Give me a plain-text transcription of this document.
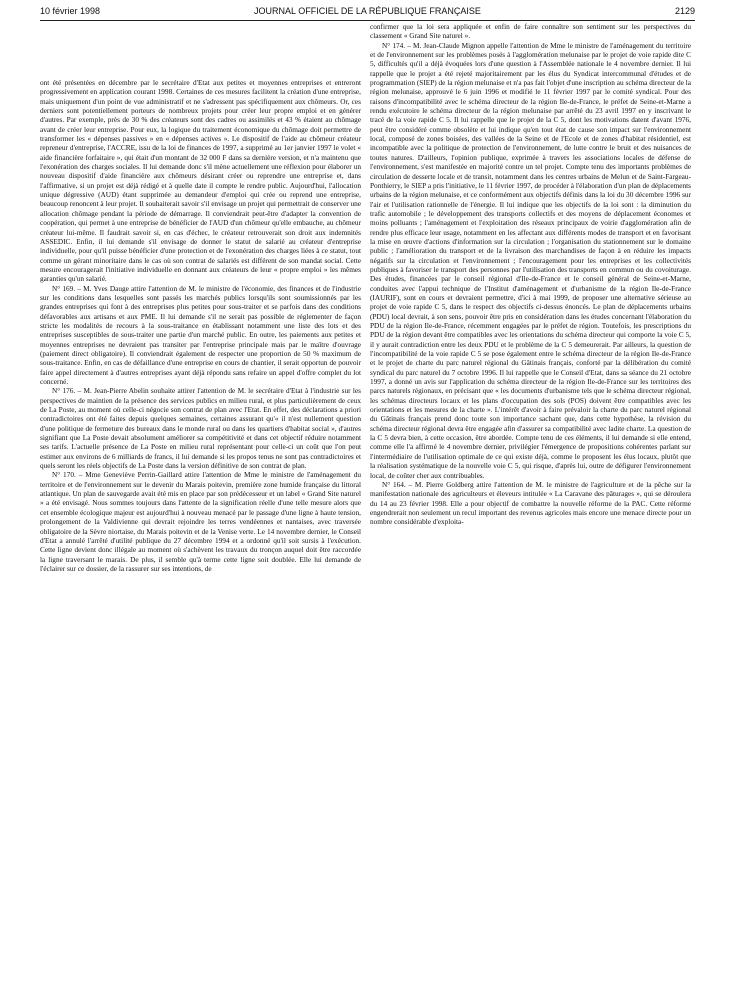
10 février 1998	JOURNAL OFFICIEL DE LA RÉPUBLIQUE FRANÇAISE	2129

ont été présentées en décembre par le secrétaire d'Etat aux petites et moyennes entreprises et entreront progressivement en application courant 1998. Certaines de ces mesures facilitent la création d'une entreprise, mais uniquement d'un point de vue administratif et ne s'adressent pas spécifiquement aux chômeurs. Or, ces derniers sont potentiellement porteurs de nombreux projets pour créer leur propre emploi et en générer d'autres. Par exemple, près de 30 % des créateurs sont des cadres ou assimilés et 43 % étaient au chômage avant de créer leur entreprise. Pour eux, la logique du traitement économique du chômage doit permettre de transformer les « dépenses passives » en « dépenses actives ». Le dispositif de l'aide au chômeur créateur repreneur d'entreprise, l'ACCRE, issu de la loi de finances de 1997, a supprimé au 1er janvier 1997 le volet « aide financière forfaitaire », qui était d'un montant de 32 000 F dans sa dernière version, et n'a maintenu que l'exonération des charges sociales. Il lui demande donc s'il mène actuellement une réflexion pour élaborer un nouveau dispositif d'aide financière aux chômeurs désirant créer ou reprendre une entreprise et, dans l'affirmative, si un projet est déjà rédigé et à quelle date il compte le rendre public. Aujourd'hui, l'allocation unique dégressive (AUD) étant supprimée au demandeur d'emploi qui crée ou reprend une entreprise, beaucoup renoncent à leur projet. Il souhaiterait savoir s'il envisage un projet qui permettrait de conserver une allocation chômage pendant la période de démarrage. Il conviendrait peut-être d'adapter la convention de coopération, qui permet à une entreprise de bénéficier de l'AUD d'un chômeur qu'elle embauche, au chômeur créateur lui-même. Il faudrait savoir si, en cas d'échec, le créateur retrouverait son droit aux indemnités ASSEDIC. Enfin, il lui demande s'il envisage de donner le statut de salarié au créateur d'entreprise individuelle, pour qu'il puisse bénéficier d'une protection et de l'exonération des charges liées à ce statut, tout comme un gérant minoritaire dans le cas où son contrat de salariés est différent de son mandat social. Cette mesure encouragerait l'initiative individuelle en donnant aux créateurs de leur « propre emploi » les mêmes garanties qu'un salarié.

N° 169. – M. Yves Dauge attire l'attention de M. le ministre de l'économie, des finances et de l'industrie sur les conditions dans lesquelles sont passés les marchés publics lorsqu'ils sont soumissionnés par les grandes entreprises qui font à des entreprises plus petites pour sous-traiter et se parfois dans des conditions défavorables aux artisans et aux PME. Il lui demande s'il ne serait pas possible de réglementer de façon stricte les modalités de recours à la sous-traitance en établissant notamment une liste des lots et des entreprises susceptibles de sous-traiter une partie d'un marché public. En outre, les paiements aux petites et moyennes entreprises ne devraient pas transiter par l'entreprise principale mais par le maître d'ouvrage (paiement direct obligatoire). Il conviendrait également de respecter une proportion de 50 % maximum de sous-traitance. Enfin, en cas de défaillance d'une entreprise en cours de chantier, il serait opportun de pouvoir faire appel directement à d'autres entreprises ayant déjà répondu sans refaire un appel d'offre complet du lot concerné.

N° 176. – M. Jean-Pierre Abelin souhaite attirer l'attention de M. le secrétaire d'Etat à l'industrie sur les perspectives de maintien de la présence des services publics en milieu rural, et plus particulièrement de ceux de La Poste, au moment où celle-ci négocie son contrat de plan avec l'Etat. En effet, des déclarations a priori contradictoires ont été faites depuis quelques semaines, certaines assurant qu'« il n'est nullement question d'une politique de fermeture des bureaux dans le monde rural ou dans les quartiers d'habitat social », d'autres signifiant que La Poste devait absolument améliorer sa compétitivité et dans cet objectif réduire notamment ses tarifs. L'actuelle présence de La Poste en milieu rural représentant pour celle-ci un coût que l'on peut estimer aux environs de 6 milliards de francs, il lui demande si les propos tenus ne sont pas contradictoires et quels seront les réels objectifs de La Poste dans la version définitive de son contrat de plan.

N° 170. – Mme Geneviève Perrin-Gaillard attire l'attention de Mme le ministre de l'aménagement du territoire et de l'environnement sur le devenir du Marais poitevin, première zone humide française du littoral atlantique. Un plan de sauvegarde avait été mis en place par son prédécesseur et un label « Grand Site naturel » a été envisagé. Nous sommes toujours dans l'attente de la signification réelle d'une telle mesure alors que cet ensemble écologique majeur est aujourd'hui à nouveau menacé par le passage d'une ligne à haute tension, prolongement de la Valdivienne qui devrait rejoindre les terres vendéennes et nantaises, avec traversée obligatoire de la Sèvre niortaise, du Marais poitevin et de la Venise verte. Le 14 novembre dernier, le Conseil d'Etat a annulé l'arrêté d'utilité publique du 27 décembre 1994 et a ordonné qu'il soit sursis à l'exécution. Cette ligne devient donc illégale au moment où s'achèvent les travaux du tronçon auquel doit être raccordée la ligne traversant le marais. De plus, il semble qu'à terme cette ligne soit doublée. Elle lui demande de l'éclairer sur ce dossier, de la rassurer sur ses intentions, de

confirmer que la loi sera appliquée et enfin de faire connaître son sentiment sur les perspectives du classement « Grand Site naturel ».

N° 174. – M. Jean-Claude Mignon appelle l'attention de Mme le ministre de l'aménagement du territoire et de l'environnement sur les problèmes posés à l'agglomération melunaise par le projet de voie rapide dite C 5, difficultés qu'il a déjà évoquées lors d'une question à l'Assemblée nationale le 4 novembre dernier. Il lui rappelle que le projet a été rejeté majoritairement par les élus du Syndicat intercommunal d'études et de programmation (SIEP) de la région melunaise et n'a pas fait l'objet d'une inscription au schéma directeur de la région melunaise, approuvé le 6 juin 1996 et modifié le 11 février 1997 par le comité syndical. Pour des raisons d'incompatibilité avec le schéma directeur de la région Ile-de-France, le préfet de Seine-et-Marne a rendu exécutoire le schéma directeur de la région melunaise par arrêté du 23 avril 1997 en y inscrivant le tracé de la voie rapide C 5. Il lui rappelle que le projet de la C 5, dont les motivations datent d'avant 1976, peut être considéré comme obsolète et lui indique qu'en tout état de cause son impact sur l'environnement local, composé de zones boisées, des vallées de la Seine et de l'Ecole et de zones d'habitat résidentiel, est incompatible avec la politique de protection de l'environnement, de lutte contre le bruit et des nuisances de toutes natures. D'ailleurs, l'opinion publique, exprimée à travers les associations locales de défense de l'environnement, s'est manifestée en majorité contre un tel projet. Compte tenu des importants problèmes de circulation de desserte locale et de transit, notamment dans les centres urbains de Melun et de Saint-Fargeau-Ponthierry, le SIEP a pris l'initiative, le 11 février 1997, de procéder à l'élaboration d'un plan de déplacements urbains de la région melunaise, et ce conformément aux objectifs définis dans la loi du 30 décembre 1996 sur l'air et l'utilisation rationnelle de l'énergie. Il lui indique que les objectifs de la loi sont : la diminution du trafic automobile ; le développement des transports collectifs et des moyens de déplacement économes et moins polluants ; l'aménagement et l'exploitation des réseaux principaux de voirie d'agglomération afin de rendre plus efficace leur usage, notamment en les affectant aux différents modes de transport et en favorisant la mise en œuvre d'actions d'information sur la circulation ; l'organisation du stationnement sur le domaine public ; l'amélioration du transport et de la livraison des marchandises de façon à en réduire les impacts négatifs sur la circulation et l'environnement ; l'encouragement pour les entreprises et les collectivités publiques à favoriser le transport des personnes par l'utilisation des transports en commun ou du covoiturage. Des études, financées par le conseil régional d'Ile-de-France et le conseil général de Seine-et-Marne, conduites avec l'appui technique de l'Institut d'aménagement et d'urbanisme de la région Ile-de-France (IAURIF), sont en cours et devraient permettre, d'ici à mai 1999, de proposer une alternative sérieuse au projet de voie rapide C 5, dans le respect des objectifs ci-dessus énoncés. Le plan de déplacements urbains (PDU) local devrait, à son sens, pouvoir être pris en considération dans les études concernant l'élaboration du PDU de la région Ile-de-France, récemment engagées par le préfet de région. Toutefois, les prescriptions du PDU de la région devant être compatibles avec les orientations du schéma directeur qui comporte la voie C 5, il y aurait contradiction entre les deux PDU et le problème de la C 5 demeurerait. Par ailleurs, la question de l'incompatibilité de la voie rapide C 5 se pose également entre le schéma directeur de la région Ile-de-France et le projet de charte du parc naturel régional du Gâtinais français, conforté par la délibération du comité syndical du parc naturel du 7 octobre 1996. Il lui rappelle que le Conseil d'Etat, dans sa séance du 21 octobre 1997, a donné un avis sur l'application du schéma directeur de la région Ile-de-France sur les territoires des parcs naturels régionaux, en précisant que « les documents d'urbanisme tels que le schéma directeur régional, les schémas directeurs locaux et les plans d'occupation des sols (POS) doivent être compatibles avec les orientations et les mesures de la charte ». L'intérêt d'avoir à faire prévaloir la charte du parc naturel régional du Gâtinais français prend donc toute son importance sachant que, dans cette hypothèse, la révision du schéma directeur régional devra être engagée afin d'assurer sa compatibilité avec ladite charte. La question de la C 5 devra bien, à cette occasion, être abordée. Compte tenu de ces éléments, il lui demande si elle entend, comme elle l'a affirmé le 4 novembre dernier, privilégier l'émergence de propositions cohérentes parlant sur l'intermédiaire de l'utilisation optimale de ce qui existe déjà, comme le proposent les élus locaux, plutôt que la réalisation systématique de la nouvelle voie C 5, qui risque, d'après lui, outre de défigurer l'environnement local, de coûter cher aux contribuables.

N° 164. – M. Pierre Goldberg attire l'attention de M. le ministre de l'agriculture et de la pêche sur la manifestation nationale des agriculteurs et éleveurs intitulée « La Caravane des pâturages », qui se déroulera du 14 au 23 février 1998. Elle a pour objectif de combattre la nouvelle réforme de la PAC. Cette réforme engendrerait non seulement un recul important des revenus agricoles mais encore une menace directe pour un nombre considérable d'exploita-
